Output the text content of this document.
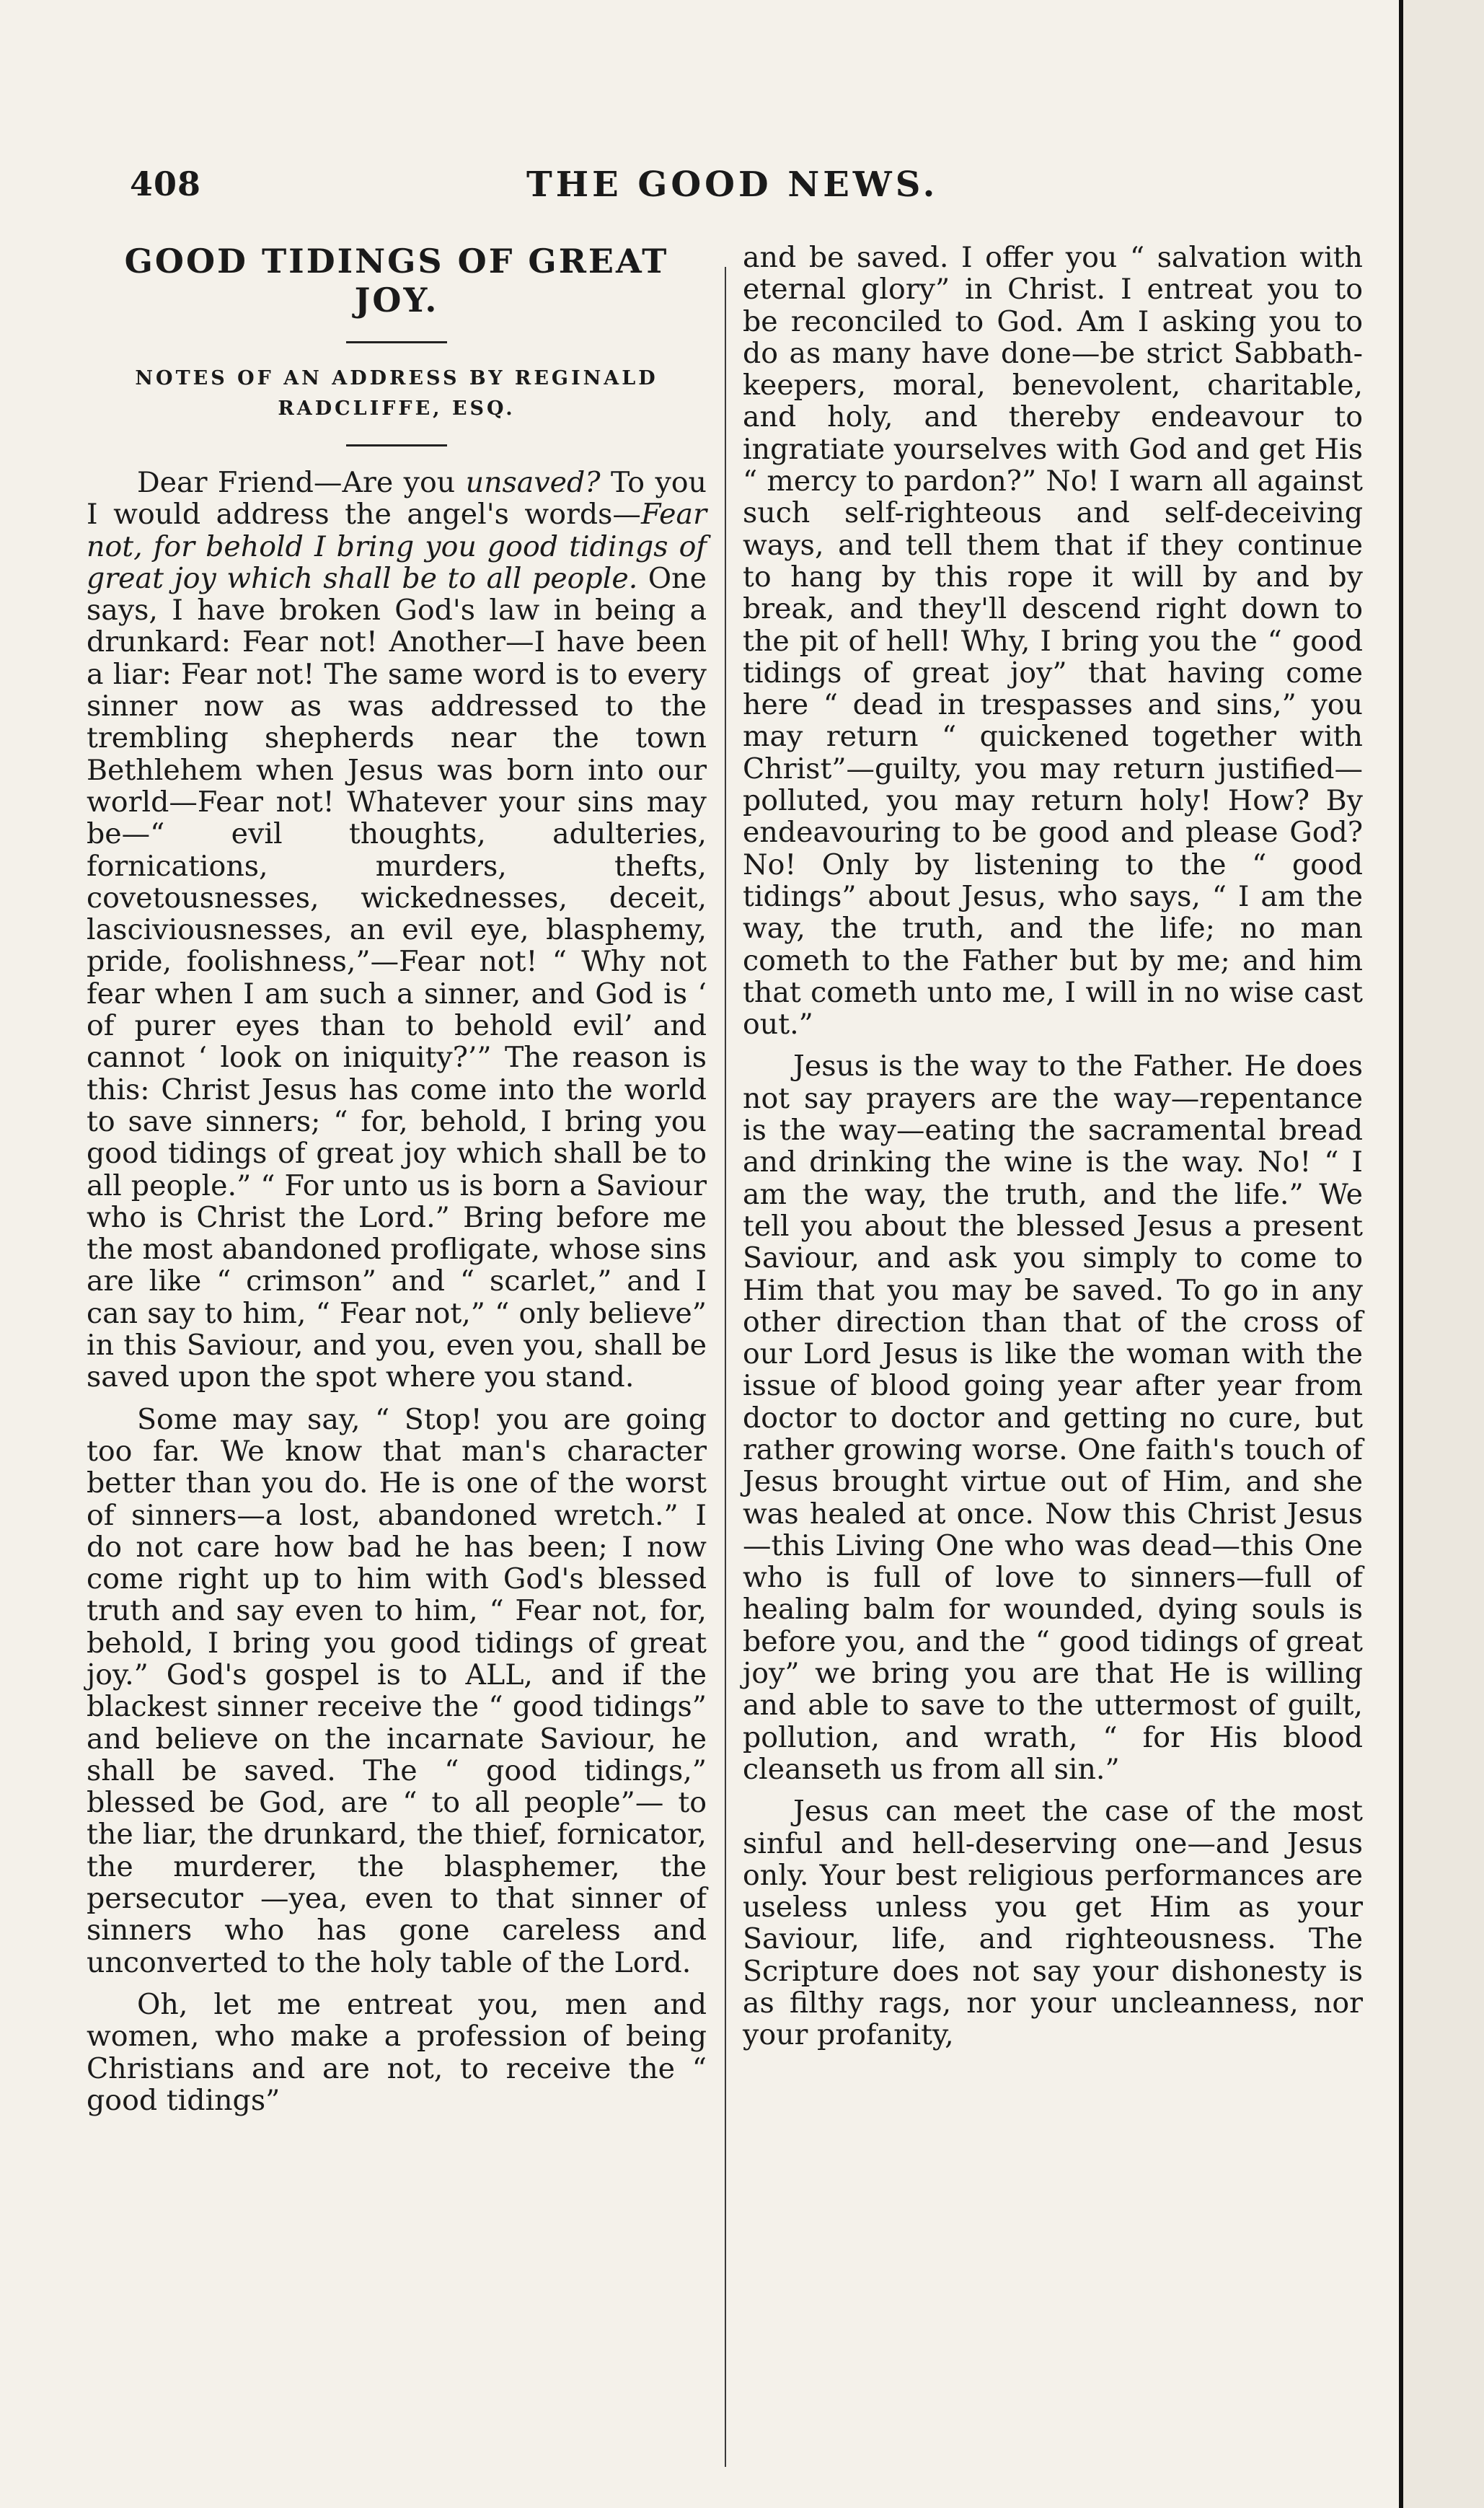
408	THE GOOD NEWS.
GOOD TIDINGS OF GREAT JOY.
NOTES OF AN ADDRESS BY REGINALD RADCLIFFE, ESQ.

Dear Friend—Are you unsaved? To you I would address the angel's words—Fear not, for behold I bring you good tidings of great joy which shall be to all people. One says, I have broken God's law in being a drunkard: Fear not! Another—I have been a liar: Fear not! The same word is to every sinner now as was addressed to the trembling shepherds near the town Bethlehem when Jesus was born into our world—Fear not! Whatever your sins may be—“ evil thoughts, adulteries, fornications, murders, thefts, covetousnesses, wickednesses, deceit, lasciviousnesses, an evil eye, blasphemy, pride, foolishness,”—Fear not! “ Why not fear when I am such a sinner, and God is ‘ of purer eyes than to behold evil’ and cannot ‘ look on iniquity?’” The reason is this: Christ Jesus has come into the world to save sinners; “ for, behold, I bring you good tidings of great joy which shall be to all people.” “ For unto us is born a Saviour who is Christ the Lord.” Bring before me the most abandoned profligate, whose sins are like “ crimson” and “ scarlet,” and I can say to him, “ Fear not,” “ only believe” in this Saviour, and you, even you, shall be saved upon the spot where you stand.

Some may say, “ Stop! you are going too far. We know that man's character better than you do. He is one of the worst of sinners—a lost, abandoned wretch.” I do not care how bad he has been; I now come right up to him with God's blessed truth and say even to him, “ Fear not, for, behold, I bring you good tidings of great joy.” God's gospel is to ALL, and if the blackest sinner receive the “ good tidings” and believe on the incarnate Saviour, he shall be saved. The “ good tidings,” blessed be God, are “ to all people”— to the liar, the drunkard, the thief, fornicator, the murderer, the blasphemer, the persecutor —yea, even to that sinner of sinners who has gone careless and unconverted to the holy table of the Lord.

Oh, let me entreat you, men and women, who make a profession of being Christians and are not, to receive the “ good tidings”

and be saved. I offer you “ salvation with eternal glory” in Christ. I entreat you to be reconciled to God. Am I asking you to do as many have done—be strict Sabbath-keepers, moral, benevolent, charitable, and holy, and thereby endeavour to ingratiate yourselves with God and get His “ mercy to pardon?” No! I warn all against such self-righteous and self-deceiving ways, and tell them that if they continue to hang by this rope it will by and by break, and they'll descend right down to the pit of hell! Why, I bring you the “ good tidings of great joy” that having come here “ dead in trespasses and sins,” you may return “ quickened together with Christ”—guilty, you may return justified—polluted, you may return holy! How? By endeavouring to be good and please God? No! Only by listening to the “ good tidings” about Jesus, who says, “ I am the way, the truth, and the life; no man cometh to the Father but by me; and him that cometh unto me, I will in no wise cast out.”

Jesus is the way to the Father. He does not say prayers are the way—repentance is the way—eating the sacramental bread and drinking the wine is the way. No! “ I am the way, the truth, and the life.” We tell you about the blessed Jesus a present Saviour, and ask you simply to come to Him that you may be saved. To go in any other direction than that of the cross of our Lord Jesus is like the woman with the issue of blood going year after year from doctor to doctor and getting no cure, but rather growing worse. One faith's touch of Jesus brought virtue out of Him, and she was healed at once. Now this Christ Jesus—this Living One who was dead—this One who is full of love to sinners—full of healing balm for wounded, dying souls is before you, and the “ good tidings of great joy” we bring you are that He is willing and able to save to the uttermost of guilt, pollution, and wrath, “ for His blood cleanseth us from all sin.”

Jesus can meet the case of the most sinful and hell-deserving one—and Jesus only. Your best religious performances are useless unless you get Him as your Saviour, life, and righteousness. The Scripture does not say your dishonesty is as filthy rags, nor your uncleanness, nor your profanity,
